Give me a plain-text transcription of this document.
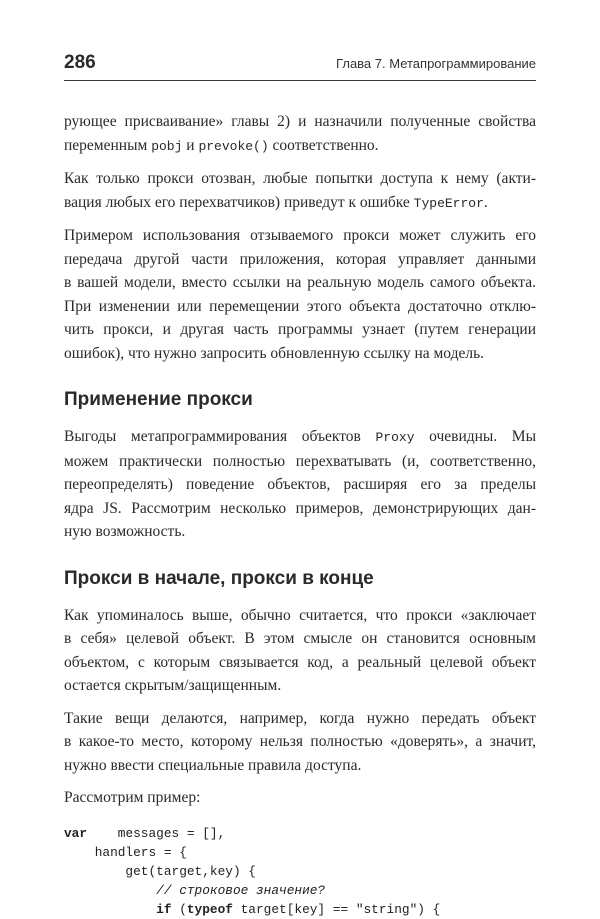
286	Глава 7. Метапрограммирование

рующее присваивание» главы 2) и назначили полученные свойства
переменным pobj и prevoke() соответственно.

Как только прокси отозван, любые попытки доступа к нему (акти-
вация любых его перехватчиков) приведут к ошибке TypeError.

Примером использования отзываемого прокси может служить его
передача другой части приложения, которая управляет данными
в вашей модели, вместо ссылки на реальную модель самого объекта.
При изменении или перемещении этого объекта достаточно отклю-
чить прокси, и другая часть программы узнает (путем генерации
ошибок), что нужно запросить обновленную ссылку на модель.

Применение прокси

Выгоды метапрограммирования объектов Proxy очевидны. Мы
можем практически полностью перехватывать (и, соответственно,
переопределять) поведение объектов, расширяя его за пределы
ядра JS. Рассмотрим несколько примеров, демонстрирующих дан-
ную возможность.

Прокси в начале, прокси в конце

Как упоминалось выше, обычно считается, что прокси «заключает
в себя» целевой объект. В этом смысле он становится основным
объектом, с которым связывается код, а реальный целевой объект
остается скрытым/защищенным.

Такие вещи делаются, например, когда нужно передать объект
в какое-то место, которому нельзя полностью «доверять», а значит,
нужно ввести специальные правила доступа.

Рассмотрим пример:

var    messages = [],
handlers = {
get(target,key) {
// строковое значение?
if (typeof target[key] == "string") {
